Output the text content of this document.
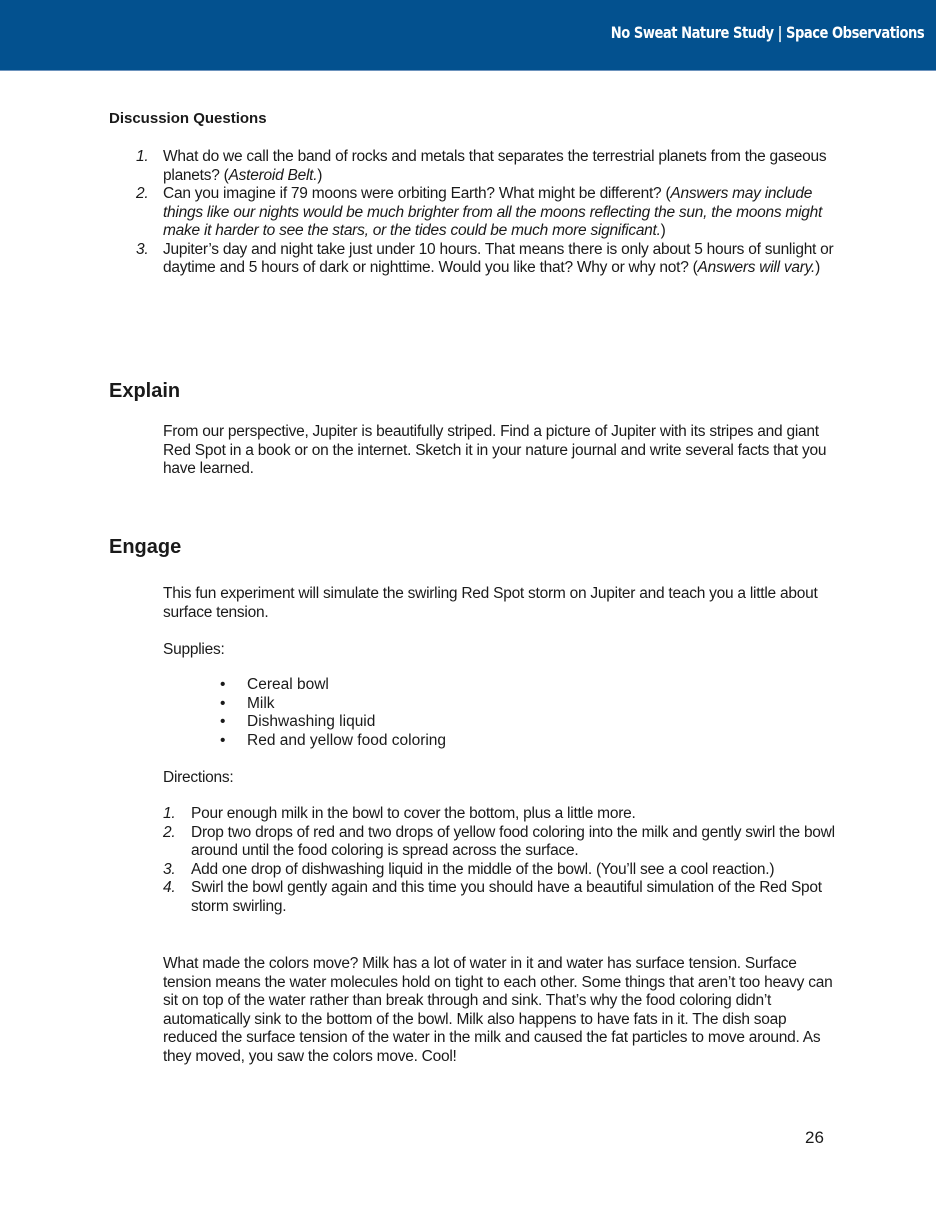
No Sweat Nature Study | Space Observations
Discussion Questions
1. What do we call the band of rocks and metals that separates the terrestrial planets from the gaseous planets? (Asteroid Belt.)
2. Can you imagine if 79 moons were orbiting Earth? What might be different? (Answers may include things like our nights would be much brighter from all the moons reflecting the sun, the moons might make it harder to see the stars, or the tides could be much more significant.)
3. Jupiter’s day and night take just under 10 hours. That means there is only about 5 hours of sunlight or daytime and 5 hours of dark or nighttime. Would you like that? Why or why not? (Answers will vary.)
Explain
From our perspective, Jupiter is beautifully striped. Find a picture of Jupiter with its stripes and giant Red Spot in a book or on the internet. Sketch it in your nature journal and write several facts that you have learned.
Engage
This fun experiment will simulate the swirling Red Spot storm on Jupiter and teach you a little about surface tension.
Supplies:
• Cereal bowl
• Milk
• Dishwashing liquid
• Red and yellow food coloring
Directions:
1. Pour enough milk in the bowl to cover the bottom, plus a little more.
2. Drop two drops of red and two drops of yellow food coloring into the milk and gently swirl the bowl around until the food coloring is spread across the surface.
3. Add one drop of dishwashing liquid in the middle of the bowl. (You’ll see a cool reaction.)
4. Swirl the bowl gently again and this time you should have a beautiful simulation of the Red Spot storm swirling.
What made the colors move? Milk has a lot of water in it and water has surface tension. Surface tension means the water molecules hold on tight to each other. Some things that aren’t too heavy can sit on top of the water rather than break through and sink. That’s why the food coloring didn’t automatically sink to the bottom of the bowl. Milk also happens to have fats in it. The dish soap reduced the surface tension of the water in the milk and caused the fat particles to move around. As they moved, you saw the colors move. Cool!
26
